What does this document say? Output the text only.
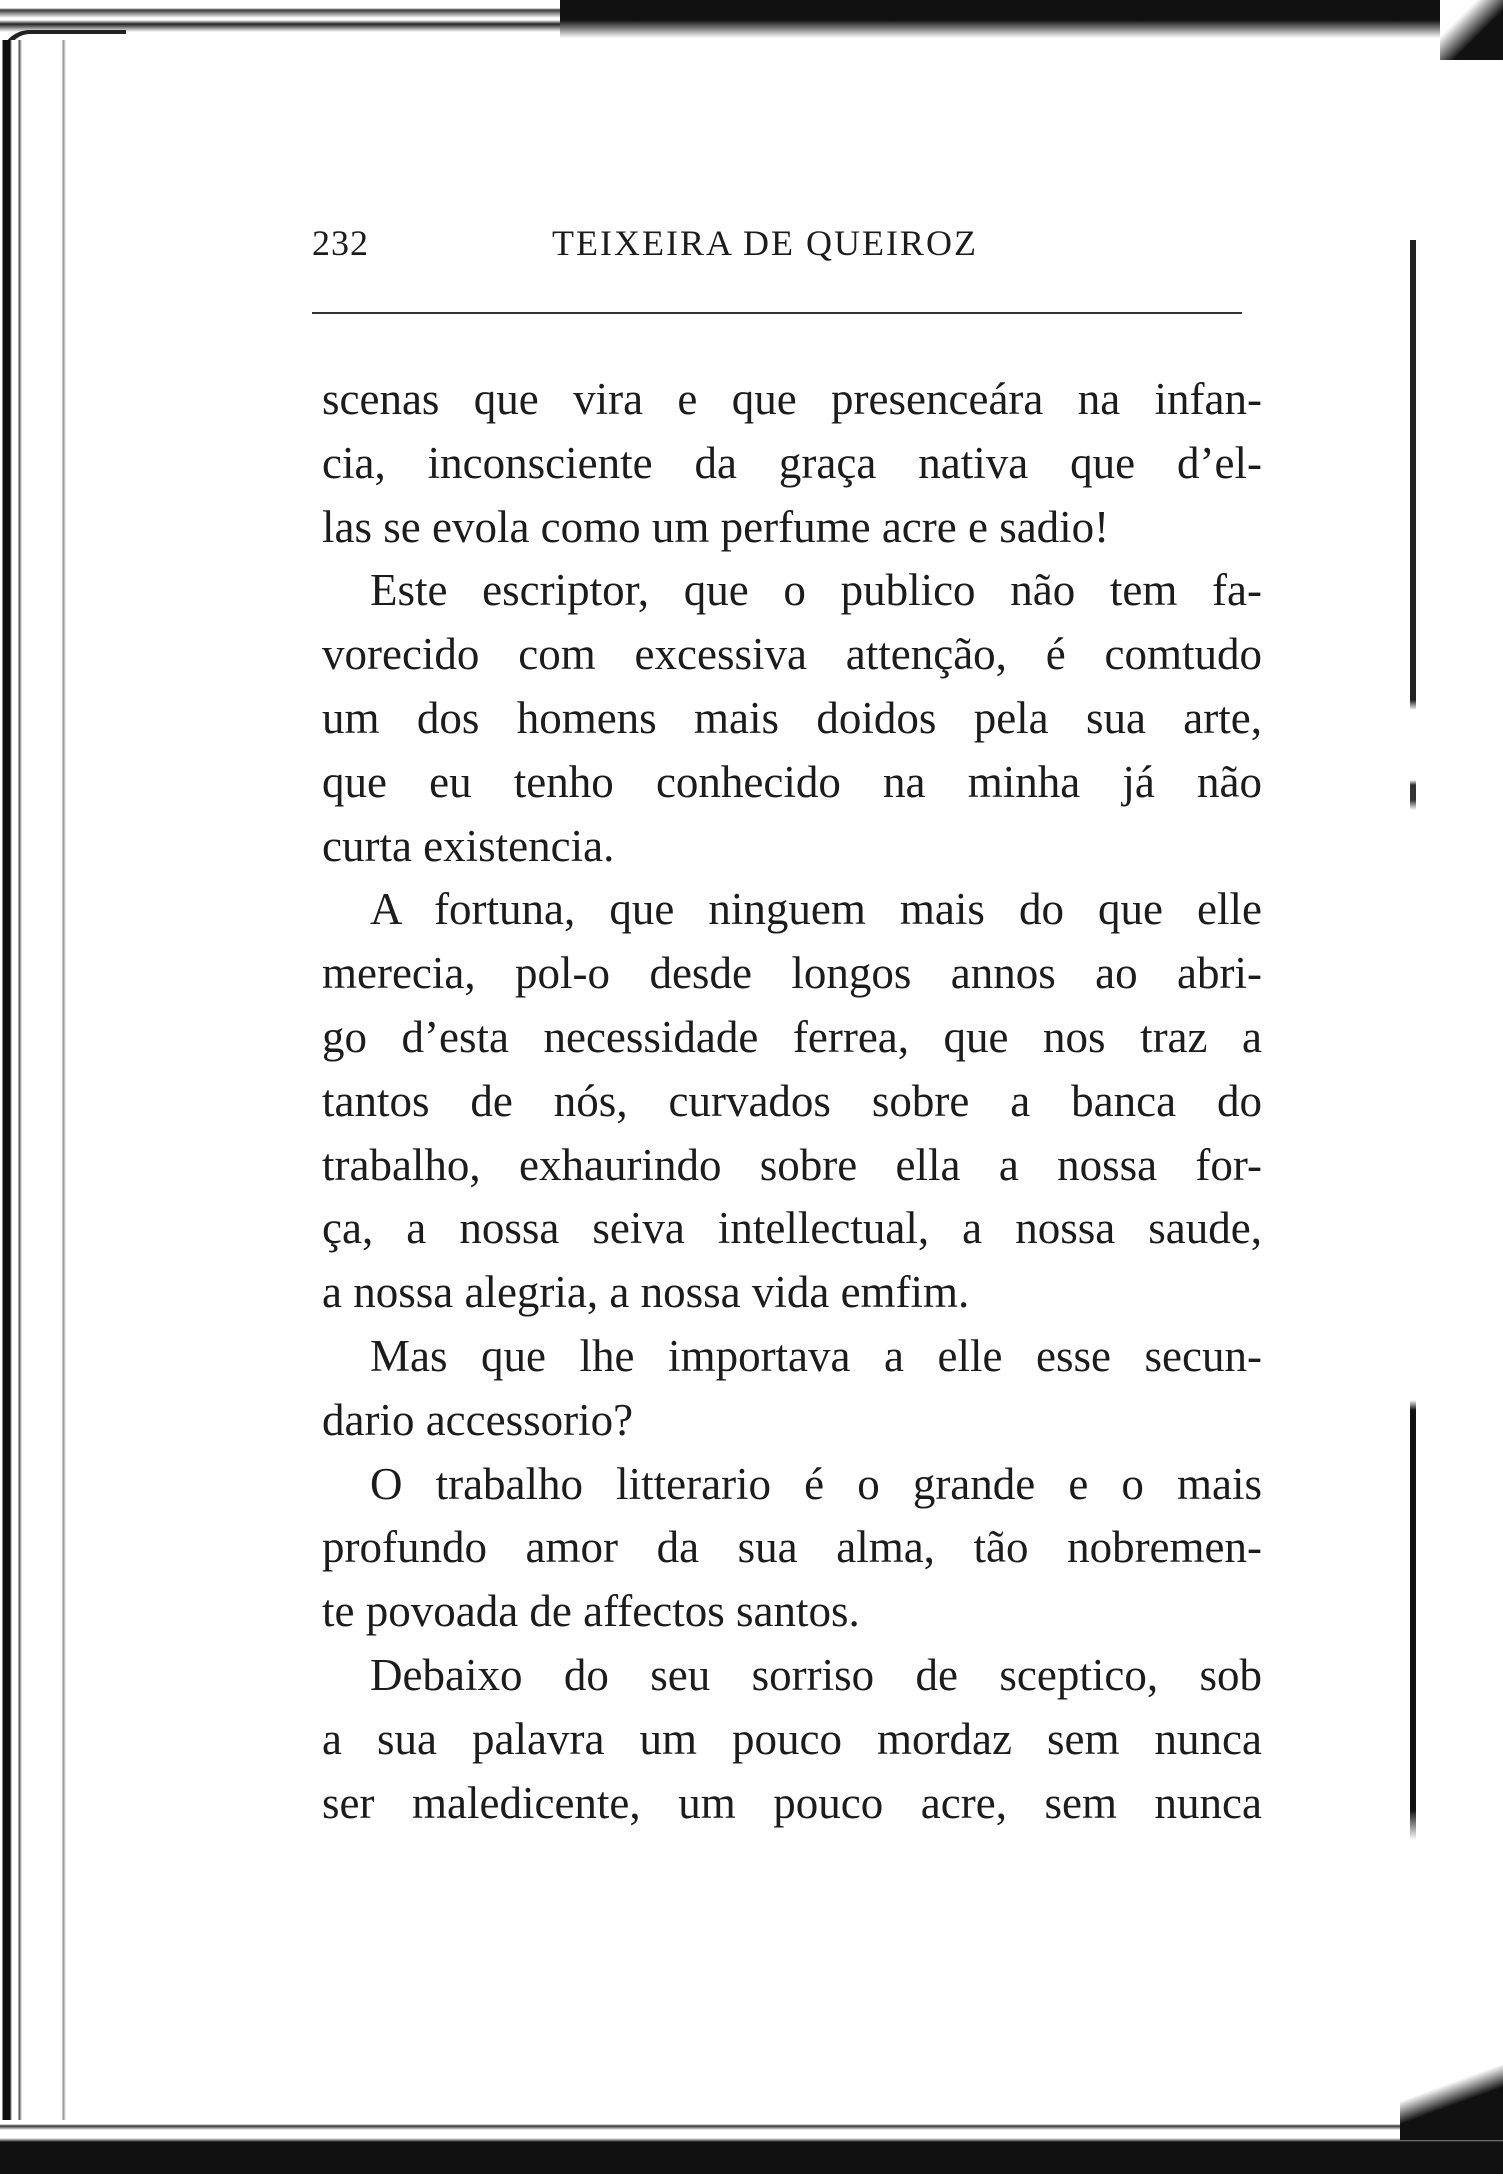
232	TEIXEIRA DE QUEIROZ
scenas que vira e que presenceára na infan-
cia, inconsciente da graça nativa que d’el-
las se evola como um perfume acre e sadio!
Este escriptor, que o publico não tem fa-
vorecido com excessiva attenção, é comtudo
um dos homens mais doidos pela sua arte,
que eu tenho conhecido na minha já não
curta existencia.
A fortuna, que ninguem mais do que elle
merecia, pol-o desde longos annos ao abri-
go d’esta necessidade ferrea, que nos traz a
tantos de nós, curvados sobre a banca do
trabalho, exhaurindo sobre ella a nossa for-
ça, a nossa seiva intellectual, a nossa saude,
a nossa alegria, a nossa vida emfim.
Mas que lhe importava a elle esse secun-
dario accessorio?
O trabalho litterario é o grande e o mais
profundo amor da sua alma, tão nobremen-
te povoada de affectos santos.
Debaixo do seu sorriso de sceptico, sob
a sua palavra um pouco mordaz sem nunca
ser maledicente, um pouco acre, sem nunca
